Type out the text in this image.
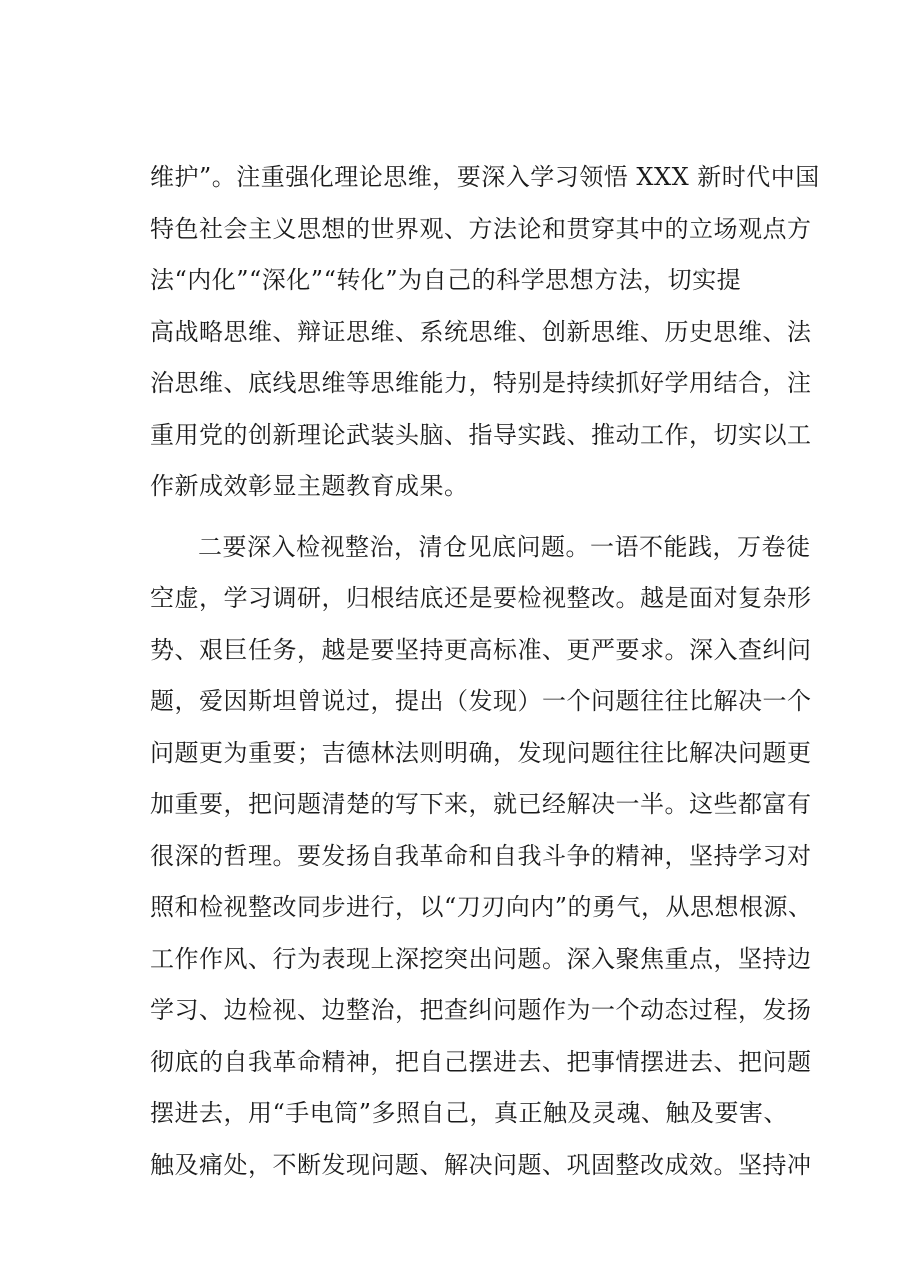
维护”。注重强化理论思维，要深入学习领悟 XXX 新时代中国
特色社会主义思想的世界观、方法论和贯穿其中的立场观点方
法“内化”“深化”“转化”为自己的科学思想方法，切实提
高战略思维、辩证思维、系统思维、创新思维、历史思维、法
治思维、底线思维等思维能力，特别是持续抓好学用结合，注
重用党的创新理论武装头脑、指导实践、推动工作，切实以工
作新成效彰显主题教育成果。
二要深入检视整治，清仓见底问题。一语不能践，万卷徒
空虚，学习调研，归根结底还是要检视整改。越是面对复杂形
势、艰巨任务，越是要坚持更高标准、更严要求。深入查纠问
题，爱因斯坦曾说过，提出（发现）一个问题往往比解决一个
问题更为重要；吉德林法则明确，发现问题往往比解决问题更
加重要，把问题清楚的写下来，就已经解决一半。这些都富有
很深的哲理。要发扬自我革命和自我斗争的精神，坚持学习对
照和检视整改同步进行，以“刀刃向内”的勇气，从思想根源、
工作作风、行为表现上深挖突出问题。深入聚焦重点，坚持边
学习、边检视、边整治，把查纠问题作为一个动态过程，发扬
彻底的自我革命精神，把自己摆进去、把事情摆进去、把问题
摆进去，用“手电筒”多照自己，真正触及灵魂、触及要害、
触及痛处，不断发现问题、解决问题、巩固整改成效。坚持冲
